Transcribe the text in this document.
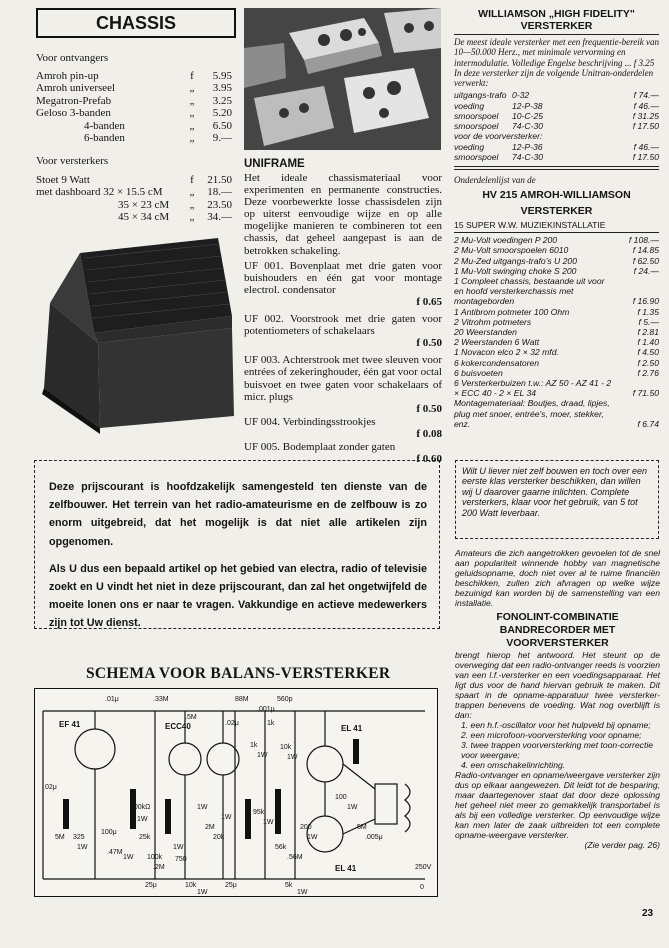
CHASSIS
Voor ontvangers
Amroh pin-up	f	5.95
Amroh universeel	„	3.95
Megatron-Prefab	„	3.25
Geloso 3-banden	„	5.20
4-banden	„	6.50
6-banden	„	9.—
Voor versterkers
Stoet 9 Watt	f	21.50
met dashboard 32 × 15.5 cM	„	18.—
35 × 23 cM	„	23.50
45 × 34 cM	„	34.—
UNIFRAME
Het ideale chassismateriaal voor experimenten en permanente constructies. Deze voorbewerkte losse chassisdelen zijn op uiterst eenvoudige wijze en op alle mogelijke manieren te combineren tot een chassis, dat geheel aangepast is aan de betrokken schakeling.
UF 001. Bovenplaat met drie gaten voor buishouders en één gat voor montage electrol. condensator
f 0.65
UF 002. Voorstrook met drie gaten voor potentiometers of schakelaars
f 0.50
UF 003. Achterstrook met twee sleuven voor entrées of zekeringhouder, één gat voor octal buisvoet en twee gaten voor schakelaars of micr. plugs
f 0.50
UF 004. Verbindingsstrookjes
f 0.08
UF 005. Bodemplaat zonder gaten
f 0.60
WILLIAMSON „HIGH FIDELITY"
VERSTERKER
De meest ideale versterker met een frequentie-bereik van 10—50.000 Herz., met minimale vervorming en intermodulatie. Volledige Engelse beschrijving ... f 3.25 In deze versterker zijn de volgende Unitran-onderdelen verwerkt:
uitgangs-trafo 0-32	f 74.—
voeding	12-P-38	f 46.—
smoorspoel	10-C-25	f 31.25
smoorspoel	74-C-30	f 17.50
voor de voorversterker:
voeding	12-P-36	f 46.—
smoorspoel	74-C-30	f 17.50
Onderdelenlijst van de
HV 215 AMROH-WILLIAMSON
VERSTERKER
15 SUPER W.W. MUZIEKINSTALLATIE
2 Mu-Volt voedingen P 200	f 108.—
2 Mu-Volt smoorspoelen 6010	f 14.85
2 Mu-Zed uitgangs-trafo's U 200	f 62.50
1 Mu-Volt swinging choke S 200	f 24.—
1 Compleet chassis, bestaande uit voor en hoofd versterkerchassis met montageborden	f 16.90
1 Antibrom potmeter 100 Ohm	f 1.35
2 Vitrohm potmeters	f 5.—
20 Weerstanden	f 2.81
2 Weerstanden 6 Watt	f 1.40
1 Novacon elco 2 × 32 mfd.	f 4.50
6 kokercondensatoren	f 2.50
6 buisvoeten	f 2.76
6 Versterkerbuizen t.w.: AZ 50 - AZ 41 - 2 × ECC 40 - 2 × EL 34	f 71.50
Montagemateriaal: Boutjes, draad, lipjes, plug met snoer, entrée's, moer, stekker, enz.	f 6.74
Deze prijscourant is hoofdzakelijk samengesteld ten dienste van de zelfbouwer. Het terrein van het radio-amateurisme en de zelfbouw is zo enorm uitgebreid, dat het mogelijk is dat niet alle artikelen zijn opgenomen.
Als U dus een bepaald artikel op het gebied van electra, radio of televisie zoekt en U vindt het niet in deze prijscourant, dan zal het ongetwijfeld de moeite lonen ons er naar te vragen. Vakkundige en actieve medewerkers zijn tot Uw dienst.
Wilt U liever niet zelf bouwen en toch over een eerste klas versterker beschikken, dan willen wij U daarover gaarne inlichten. Complete versterkers, klaar voor het gebruik, van 5 tot 200 Watt leverbaar.
Amateurs die zich aangetrokken gevoelen tot de snel aan populariteit winnende hobby van magnetische geluidsopname, doch niet over al te ruime financiën beschikken, zullen zich afvragen op welke wijze bezuinigd kan worden bij de samenstelling van een installatie.
FONOLINT-COMBINATIE
BANDRECORDER MET
VOORVERSTERKER
brengt hierop het antwoord. Het steunt op de overweging dat een radio-ontvanger reeds is voorzien van een l.f.-versterker en een voedingsapparaat. Het ligt dus voor de hand hiervan gebruik te maken. Dit spaart in de opname-apparatuur twee versterker-trappen benevens de voeding. Wat nog overblijft is dan:
1. een h.f.-oscillator voor het hulpveld bij opname;
2. een microfoon-voorversterking voor opname;
3. twee trappen voorversterking met toon-correctie voor weergave;
4. een omschakelinrichting.
Radio-ontvanger en opname/weergave versterker zijn dus op elkaar aangewezen. Dit leidt tot de besparing, maar daartegenover staat dat door deze oplossing het geheel niet meer zo gemakkelijk transportabel is als bij een volledige versterker. Op eenvoudige wijze kan men later de zaak uitbreiden tot een complete opname-weergave versterker.
(Zie verder pag. 26)
SCHEMA VOOR BALANS-VERSTERKER
EF 41	ECC40	EL 41
EL 41
.01μ	.33M	88M	560p
.001μ
.5M
.02μ	1k
02μ
5M 325
1W
100μ
.47M
1W
25k
100k
.2M
1W
750
1W
2M
20k
1W
95k
1W
56k
.56M
200
1W
100
1W
5M
.005μ
25μ	10k
1W
25μ	5k
1W
250V
0
1k
1W
10k
1W
100kΩ
1W
23
